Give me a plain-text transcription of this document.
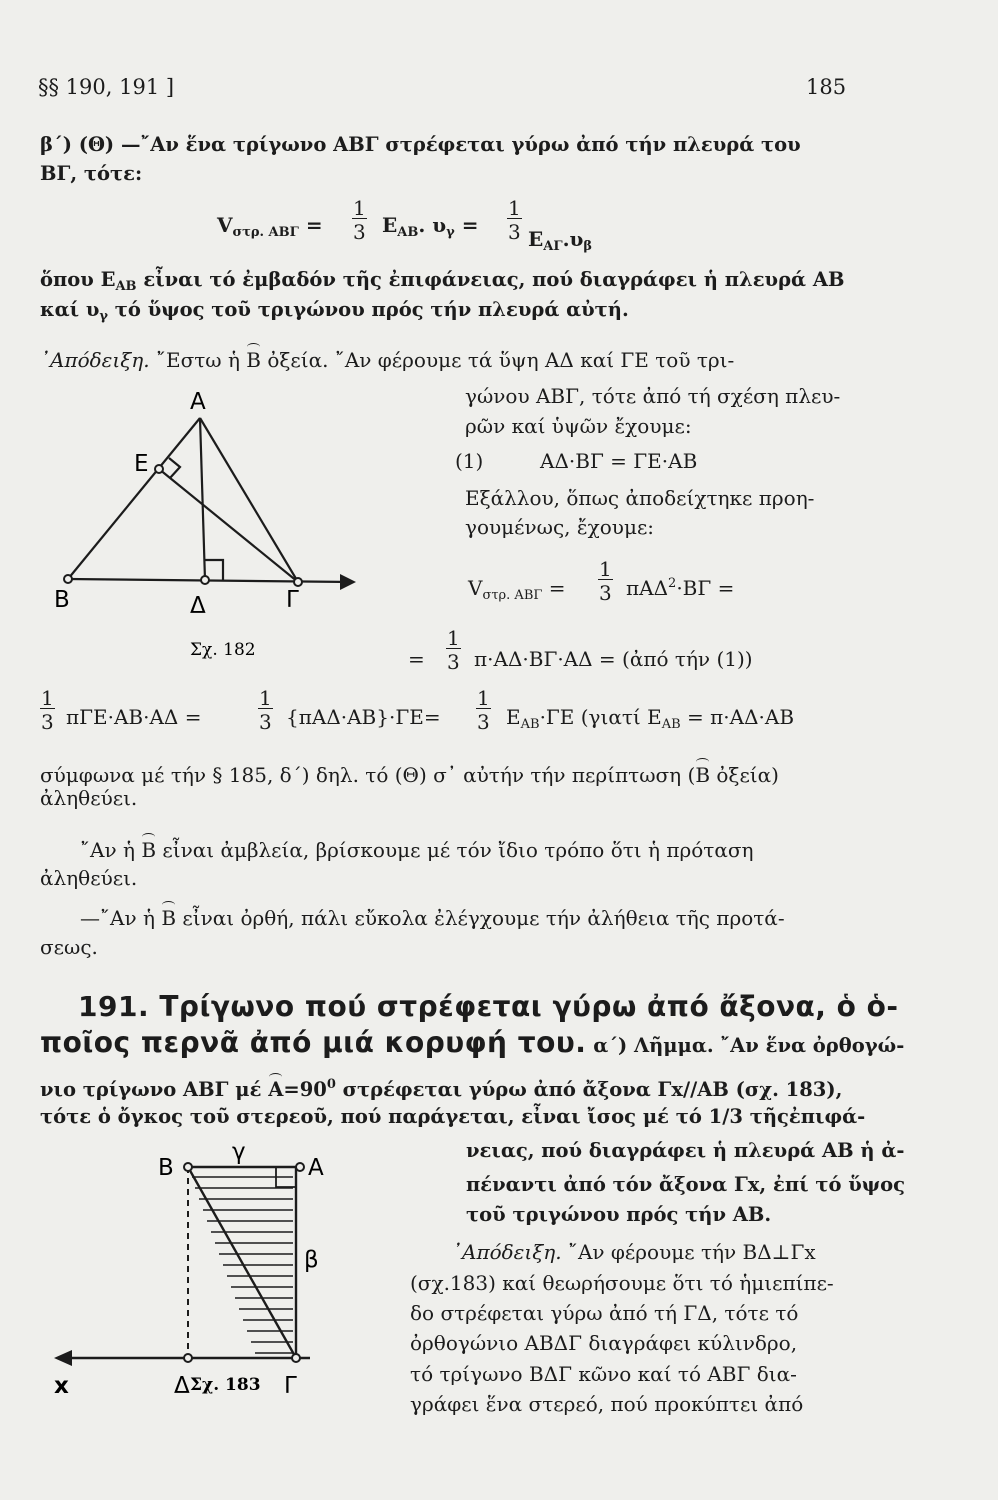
§§ 190, 191 ]	185
β΄) (Θ) —῎Αν ἕνα τρίγωνο ΑΒΓ στρέφεται γύρω ἀπό τήν πλευρά του
ΒΓ, τότε:
$V_{\sigma\tau\rho. AB\Gamma} = \frac{1}{3} E_{AB}$. $\upsilon_\gamma = \frac{1}{3} E_{A\Gamma}.\upsilon_\beta$
ὅπου $E_{AB}$ εἶναι τό ἐμβαδόν τῆς ἐπιφάνειας, πού διαγράφει ἡ πλευρά ΑΒ
καί $\upsilon_\gamma$ τό ὕψος τοῦ τριγώνου πρός τήν πλευρά αὐτή.
᾿Απόδειξη. ῎Εστω ἡ Β ὀξεία. ῎Αν φέρουμε τά ὕψη ΑΔ καί ΓΕ τοῦ τρι-
γώνου ΑΒΓ, τότε ἀπό τή σχέση πλευ-
ρῶν καί ὑψῶν ἔχουμε:
(1)	ΑΔ·ΒΓ = ΓΕ·ΑΒ
Εξάλλου, ὅπως ἀποδείχτηκε προη-
γουμένως, ἔχουμε:
$V_{\sigma\tau\rho. AB\Gamma} = \frac{1}{3} \pi A\Delta^2\cdot B\Gamma$ =
= $\frac{1}{3} \pi\cdot A\Delta\cdot B\Gamma\cdot A\Delta$ = (ἀπό τήν (1))
$\frac{1}{3} \pi\Gamma E\cdot AB\cdot A\Delta$ =	$\frac{1}{3} \{\pi A\Delta\cdot AB\}\cdot\Gamma E= \frac{1}{3} E_{AB}\cdot\Gamma E$ (γιατί $E_{AB} = \pi\cdot A\Delta\cdot AB$
σύμφωνα μέ τήν § 185, δ΄) δηλ. τό (Θ) σ᾿ αὐτήν τήν περίπτωση (Β ὀξεία)
ἀληθεύει.
῎Αν ἡ Β εἶναι ἀμβλεία, βρίσκουμε μέ τόν ἴδιο τρόπο ὅτι ἡ πρόταση
ἀληθεύει.
—῎Αν ἡ Β εἶναι ὀρθή, πάλι εὔκολα ἐλέγχουμε τήν ἀλήθεια τῆς προτά-
σεως.
191. Τρίγωνο πού στρέφεται γύρω ἀπό ἄξονα, ὁ ὁ-
ποῖος περνᾶ ἀπό μιά κορυφή του. α΄) Λῆμμα. ῎Αν ἕνα ὀρθογώ-
νιο τρίγωνο ΑΒΓ μέ $A=90^0$ στρέφεται γύρω ἀπό ἄξονα Γx//ΑΒ (σχ. 183),
τότε ὁ ὄγκος τοῦ στερεοῦ, πού παράγεται, εἶναι ἴσος μέ τό 1/3 τῆςἐπιφά-
νειας, πού διαγράφει ἡ πλευρά ΑΒ ἡ ἀ-
πέναντι ἀπό τόν ἄξονα Γx, ἐπί τό ὕψος
τοῦ τριγώνου πρός τήν ΑΒ.
᾿Απόδειξη. ῎Αν φέρουμε τήν ΒΔ⊥Γx
(σχ.183) καί θεωρήσουμε ὅτι τό ἡμιεπίπε-
δο στρέφεται γύρω ἀπό τή ΓΔ, τότε τό
ὀρθογώνιο ΑΒΔΓ διαγράφει κύλινδρο,
τό τρίγωνο ΒΔΓ κῶνο καί τό ΑΒΓ δια-
γράφει ἕνα στερεό, πού προκύπτει ἀπό
A
E
B	Δ	Γ
Σχ. 182
B
γ
A
β
x	Δ	Γ
Σχ. 183
